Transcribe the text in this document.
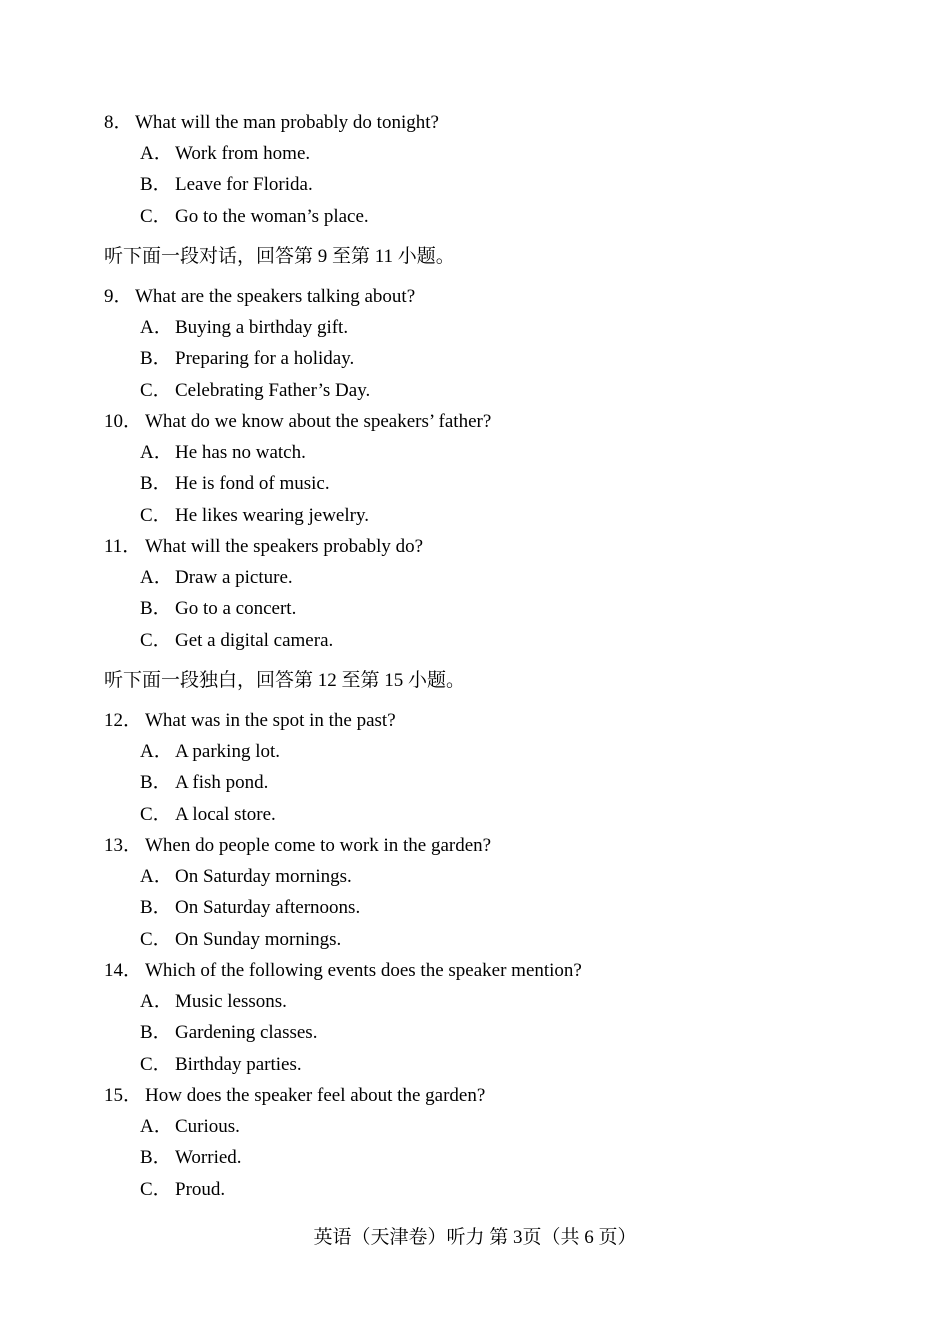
8． What will the man probably do tonight?
A． Work from home.
B． Leave for Florida.
C． Go to the woman’s place.
听下面一段对话，回答第 9 至第 11 小题。
9． What are the speakers talking about?
A． Buying a birthday gift.
B． Preparing for a holiday.
C． Celebrating Father’s Day.
10． What do we know about the speakers’ father?
A． He has no watch.
B． He is fond of music.
C． He likes wearing jewelry.
11． What will the speakers probably do?
A． Draw a picture.
B． Go to a concert.
C． Get a digital camera.
听下面一段独白，回答第 12 至第 15 小题。
12． What was in the spot in the past?
A． A parking lot.
B． A fish pond.
C． A local store.
13． When do people come to work in the garden?
A． On Saturday mornings.
B． On Saturday afternoons.
C． On Sunday mornings.
14． Which of the following events does the speaker mention?
A． Music lessons.
B． Gardening classes.
C． Birthday parties.
15． How does the speaker feel about the garden?
A． Curious.
B． Worried.
C． Proud.
英语（天津卷）听力 第 3页（共 6 页）
